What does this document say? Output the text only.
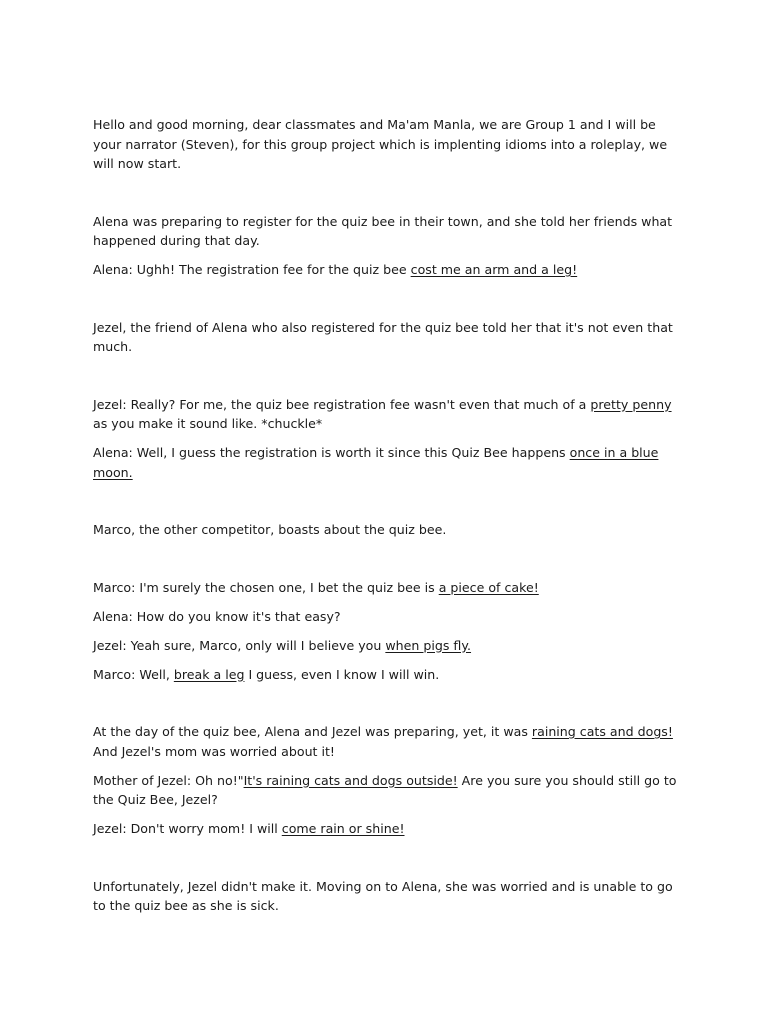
Hello and good morning, dear classmates and Ma'am Manla, we are Group 1 and I will be your narrator (Steven), for this group project which is implenting idioms into a roleplay, we will now start.

Alena was preparing to register for the quiz bee in their town, and she told her friends what happened during that day.

Alena: Ughh! The registration fee for the quiz bee cost me an arm and a leg!

Jezel, the friend of Alena who also registered for the quiz bee told her that it's not even that much.

Jezel: Really? For me, the quiz bee registration fee wasn't even that much of a pretty penny as you make it sound like. *chuckle*

Alena: Well, I guess the registration is worth it since this Quiz Bee happens once in a blue moon.

Marco, the other competitor, boasts about the quiz bee.

Marco: I'm surely the chosen one, I bet the quiz bee is a piece of cake!

Alena: How do you know it's that easy?

Jezel: Yeah sure, Marco, only will I believe you when pigs fly.

Marco: Well, break a leg I guess, even I know I will win.

At the day of the quiz bee, Alena and Jezel was preparing, yet, it was raining cats and dogs! And Jezel's mom was worried about it!

Mother of Jezel: Oh no!"It's raining cats and dogs outside! Are you sure you should still go to the Quiz Bee, Jezel?

Jezel: Don't worry mom! I will come rain or shine!

Unfortunately, Jezel didn't make it. Moving on to Alena, she was worried and is unable to go to the quiz bee as she is sick.
